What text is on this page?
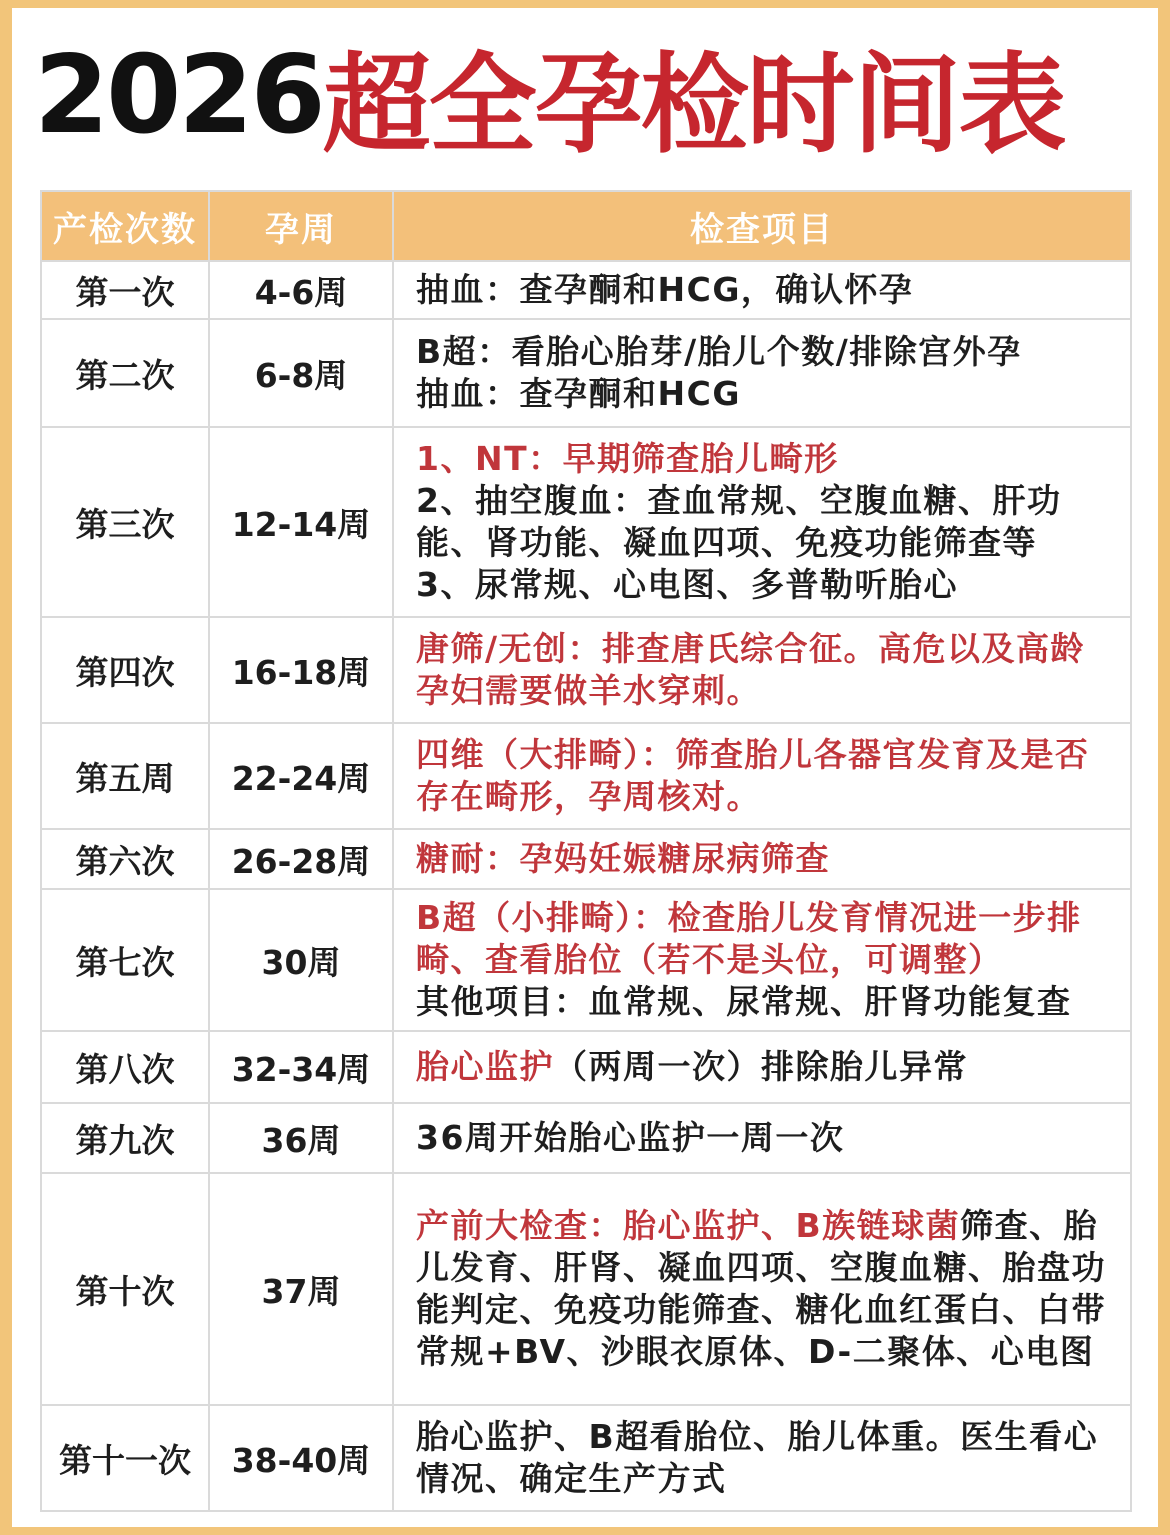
2026 超全孕检时间表
产检次数	孕周	检查项目
第一次	4-6周	抽血：查孕酮和HCG，确认怀孕

第二次	6-8周	B超：看胎心胎芽/胎儿个数/排除宫外孕
抽血：查孕酮和HCG

第三次	12-14周	1、NT：早期筛查胎儿畸形
2、抽空腹血：查血常规、空腹血糖、肝功能、肾功能、凝血四项、免疫功能筛查等
3、尿常规、心电图、多普勒听胎心

第四次	16-18周	唐筛/无创：排查唐氏综合征。高危以及高龄孕妇需要做羊水穿刺。

第五周	22-24周	四维（大排畸）：筛查胎儿各器官发育及是否存在畸形，孕周核对。

第六次	26-28周	糖耐：孕妈妊娠糖尿病筛查

第七次	30周	B超（小排畸）：检查胎儿发育情况进一步排畸、查看胎位（若不是头位，可调整）
其他项目：血常规、尿常规、肝肾功能复查

第八次	32-34周	胎心监护（两周一次）排除胎儿异常

第九次	36周	36周开始胎心监护一周一次

第十次	37周	产前大检查：胎心监护、B族链球菌筛查、胎儿发育、肝肾、凝血四项、空腹血糖、胎盘功能判定、免疫功能筛查、糖化血红蛋白、白带常规+BV、沙眼衣原体、D-二聚体、心电图

第十一次	38-40周	胎心监护、B超看胎位、胎儿体重。医生看心情况、确定生产方式
